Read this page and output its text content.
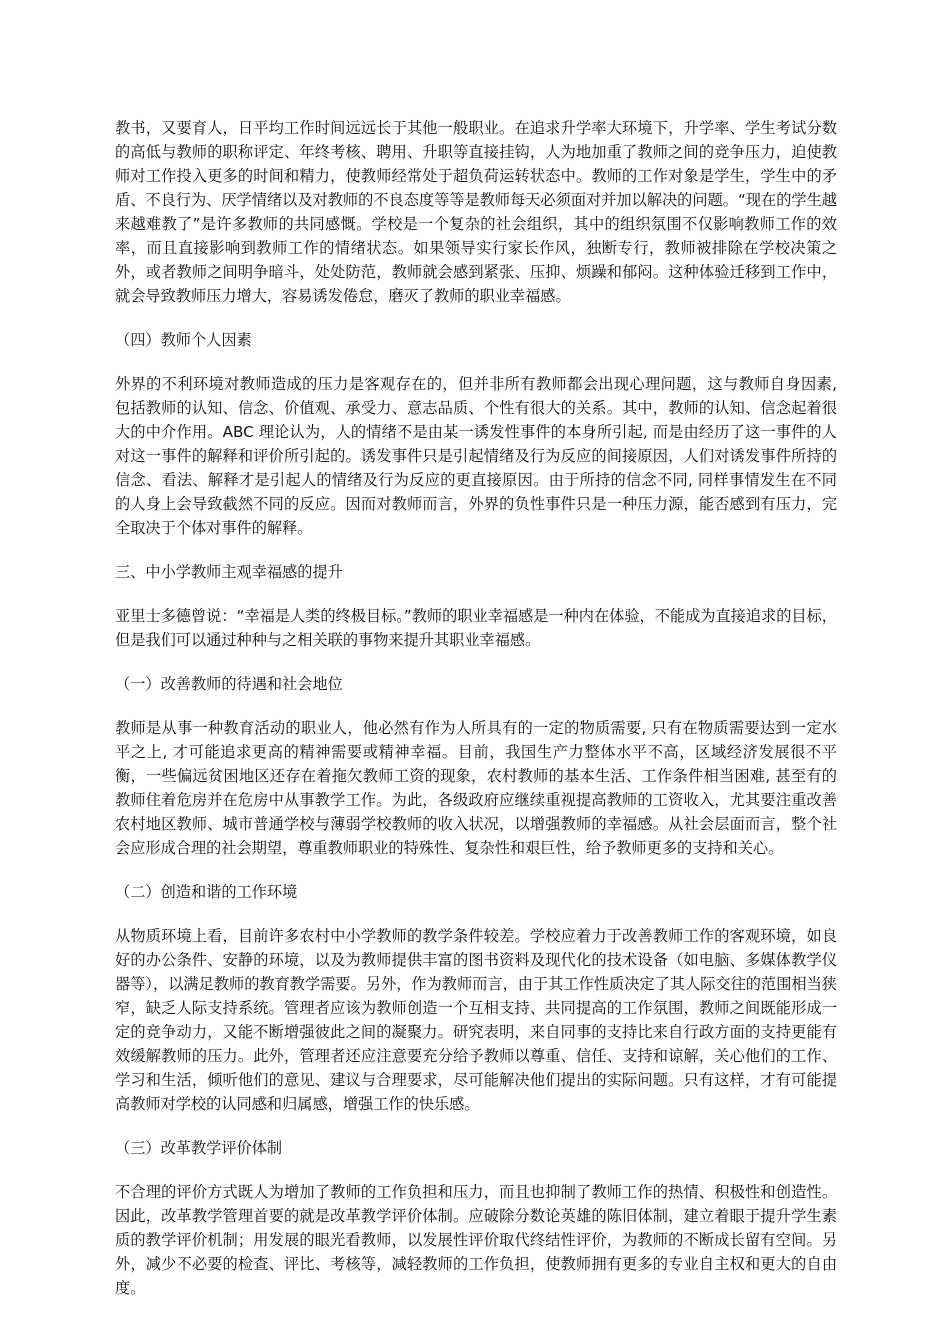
教书，又要育人，日平均工作时间远远长于其他一般职业。在追求升学率大环境下，升学率、学生考试分数的高低与教师的职称评定、年终考核、聘用、升职等直接挂钩，人为地加重了教师之间的竞争压力，迫使教师对工作投入更多的时间和精力，使教师经常处于超负荷运转状态中。教师的工作对象是学生，学生中的矛盾、不良行为、厌学情绪以及对教师的不良态度等等是教师每天必须面对并加以解决的问题。“现在的学生越来越难教了”是许多教师的共同感慨。学校是一个复杂的社会组织，其中的组织氛围不仅影响教师工作的效率，而且直接影响到教师工作的情绪状态。如果领导实行家长作风，独断专行，教师被排除在学校决策之外，或者教师之间明争暗斗，处处防范，教师就会感到紧张、压抑、烦躁和郁闷。这种体验迁移到工作中，就会导致教师压力增大，容易诱发倦怠，磨灭了教师的职业幸福感。

（四）教师个人因素

外界的不利环境对教师造成的压力是客观存在的，但并非所有教师都会出现心理问题，这与教师自身因素, 包括教师的认知、信念、价值观、承受力、意志品质、个性有很大的关系。其中，教师的认知、信念起着很大的中介作用。ABC 理论认为，人的情绪不是由某一诱发性事件的本身所引起, 而是由经历了这一事件的人对这一事件的解释和评价所引起的。诱发事件只是引起情绪及行为反应的间接原因，人们对诱发事件所持的信念、看法、解释才是引起人的情绪及行为反应的更直接原因。由于所持的信念不同, 同样事情发生在不同的人身上会导致截然不同的反应。因而对教师而言，外界的负性事件只是一种压力源，能否感到有压力，完全取决于个体对事件的解释。

三、中小学教师主观幸福感的提升

亚里士多德曾说：“幸福是人类的终极目标。”教师的职业幸福感是一种内在体验，不能成为直接追求的目标，但是我们可以通过种种与之相关联的事物来提升其职业幸福感。

（一）改善教师的待遇和社会地位

教师是从事一种教育活动的职业人，他必然有作为人所具有的一定的物质需要, 只有在物质需要达到一定水平之上, 才可能追求更高的精神需要或精神幸福。目前，我国生产力整体水平不高，区域经济发展很不平衡，一些偏远贫困地区还存在着拖欠教师工资的现象，农村教师的基本生活、工作条件相当困难, 甚至有的教师住着危房并在危房中从事教学工作。为此，各级政府应继续重视提高教师的工资收入，尤其要注重改善农村地区教师、城市普通学校与薄弱学校教师的收入状况，以增强教师的幸福感。从社会层面而言，整个社会应形成合理的社会期望，尊重教师职业的特殊性、复杂性和艰巨性，给予教师更多的支持和关心。

（二）创造和谐的工作环境

从物质环境上看，目前许多农村中小学教师的教学条件较差。学校应着力于改善教师工作的客观环境，如良好的办公条件、安静的环境，以及为教师提供丰富的图书资料及现代化的技术设备（如电脑、多媒体教学仪器等），以满足教师的教育教学需要。另外，作为教师而言，由于其工作性质决定了其人际交往的范围相当狭窄，缺乏人际支持系统。管理者应该为教师创造一个互相支持、共同提高的工作氛围，教师之间既能形成一定的竞争动力，又能不断增强彼此之间的凝聚力。研究表明，来自同事的支持比来自行政方面的支持更能有效缓解教师的压力。此外，管理者还应注意要充分给予教师以尊重、信任、支持和谅解，关心他们的工作、学习和生活，倾听他们的意见、建议与合理要求，尽可能解决他们提出的实际问题。只有这样，才有可能提高教师对学校的认同感和归属感，增强工作的快乐感。

（三）改革教学评价体制

不合理的评价方式既人为增加了教师的工作负担和压力，而且也抑制了教师工作的热情、积极性和创造性。因此，改革教学管理首要的就是改革教学评价体制。应破除分数论英雄的陈旧体制，建立着眼于提升学生素质的教学评价机制；用发展的眼光看教师，以发展性评价取代终结性评价，为教师的不断成长留有空间。另外，减少不必要的检查、评比、考核等，减轻教师的工作负担，使教师拥有更多的专业自主权和更大的自由度。
